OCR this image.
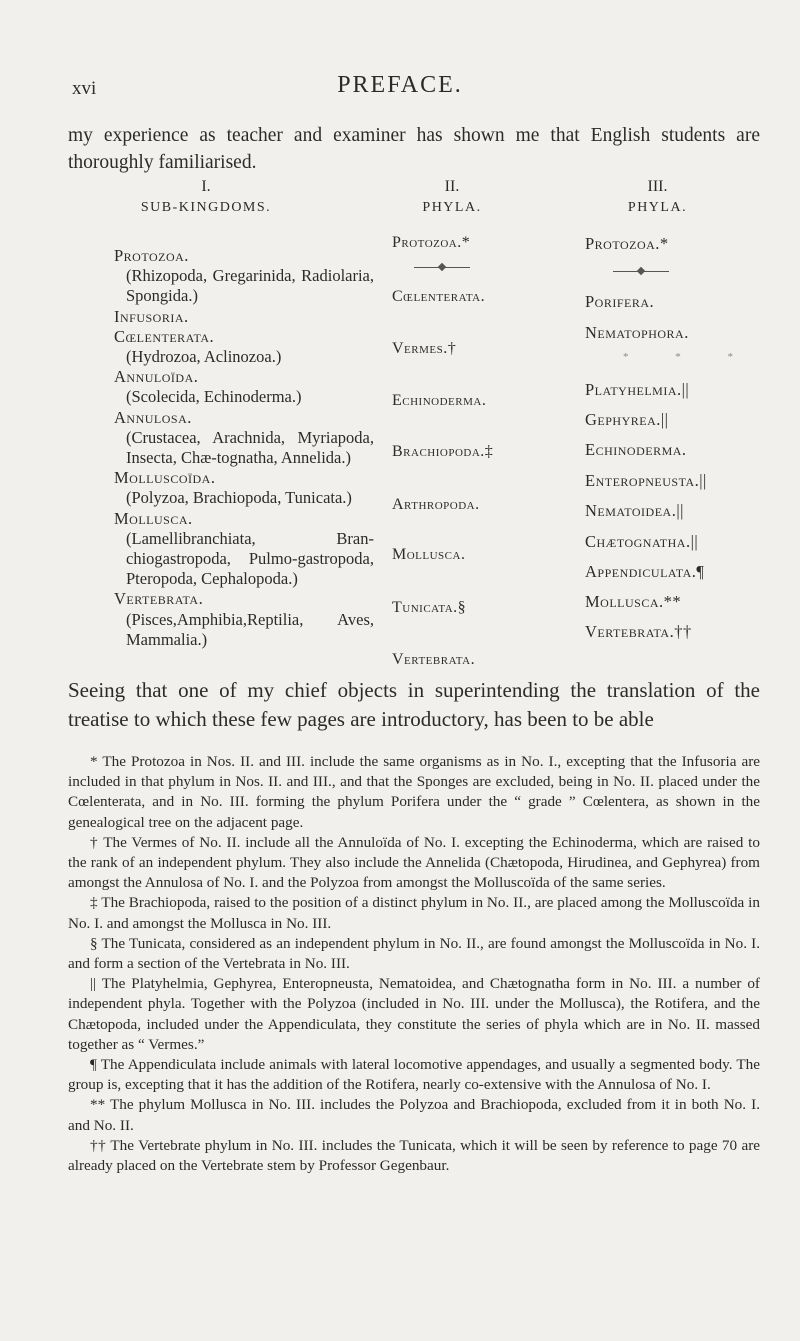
xvi	PREFACE.

my experience as teacher and examiner has shown me that English students are thoroughly familiarised.

I.
SUB-KINGDOMS.
Protozoa.
(Rhizopoda, Gregarinida, Radiolaria, Spongida.)
Infusoria.
Cœlenterata.
(Hydrozoa, Aclinozoa.)
Annuloïda.
(Scolecida, Echinoderma.)
Annulosa.
(Crustacea, Arachnida, Myriapoda, Insecta, Chæ-tognatha, Annelida.)
Molluscoïda.
(Polyzoa, Brachiopoda, Tunicata.)
Mollusca.
(Lamellibranchiata, Bran-chiogastropoda, Pulmo-gastropoda, Pteropoda, Cephalopoda.)
Vertebrata.
(Pisces,Amphibia,Reptilia, Aves, Mammalia.)
II.
PHYLA.
Protozoa.*
Cœlenterata.
Vermes.†
Echinoderma.
Brachiopoda.‡
Arthropoda.
Mollusca.
Tunicata.§
Vertebrata.
III.
PHYLA.
Protozoa.*
Porifera.
Nematophora.
* * *
Platyhelmia.||
Gephyrea.||
Echinoderma.
Enteropneusta.||
Nematoidea.||
Chætognatha.||
Appendiculata.¶
Mollusca.**
Vertebrata.††

Seeing that one of my chief objects in superintending the translation of the treatise to which these few pages are introductory, has been to be able

* The Protozoa in Nos. II. and III. include the same organisms as in No. I., excepting that the Infusoria are included in that phylum in Nos. II. and III., and that the Sponges are excluded, being in No. II. placed under the Cœlenterata, and in No. III. forming the phylum Porifera under the “ grade ” Cœlentera, as shown in the genealogical tree on the adjacent page.

† The Vermes of No. II. include all the Annuloïda of No. I. excepting the Echinoderma, which are raised to the rank of an independent phylum. They also include the Annelida (Chætopoda, Hirudinea, and Gephyrea) from amongst the Annulosa of No. I. and the Polyzoa from amongst the Molluscoïda of the same series.

‡ The Brachiopoda, raised to the position of a distinct phylum in No. II., are placed among the Molluscoïda in No. I. and amongst the Mollusca in No. III.

§ The Tunicata, considered as an independent phylum in No. II., are found amongst the Molluscoïda in No. I. and form a section of the Vertebrata in No. III.

|| The Platyhelmia, Gephyrea, Enteropneusta, Nematoidea, and Chætognatha form in No. III. a number of independent phyla. Together with the Polyzoa (included in No. III. under the Mollusca), the Rotifera, and the Chætopoda, included under the Appendiculata, they constitute the series of phyla which are in No. II. massed together as “ Vermes.”

¶ The Appendiculata include animals with lateral locomotive appendages, and usually a segmented body. The group is, excepting that it has the addition of the Rotifera, nearly co-extensive with the Annulosa of No. I.

** The phylum Mollusca in No. III. includes the Polyzoa and Brachiopoda, excluded from it in both No. I. and No. II.

†† The Vertebrate phylum in No. III. includes the Tunicata, which it will be seen by reference to page 70 are already placed on the Vertebrate stem by Professor Gegenbaur.
